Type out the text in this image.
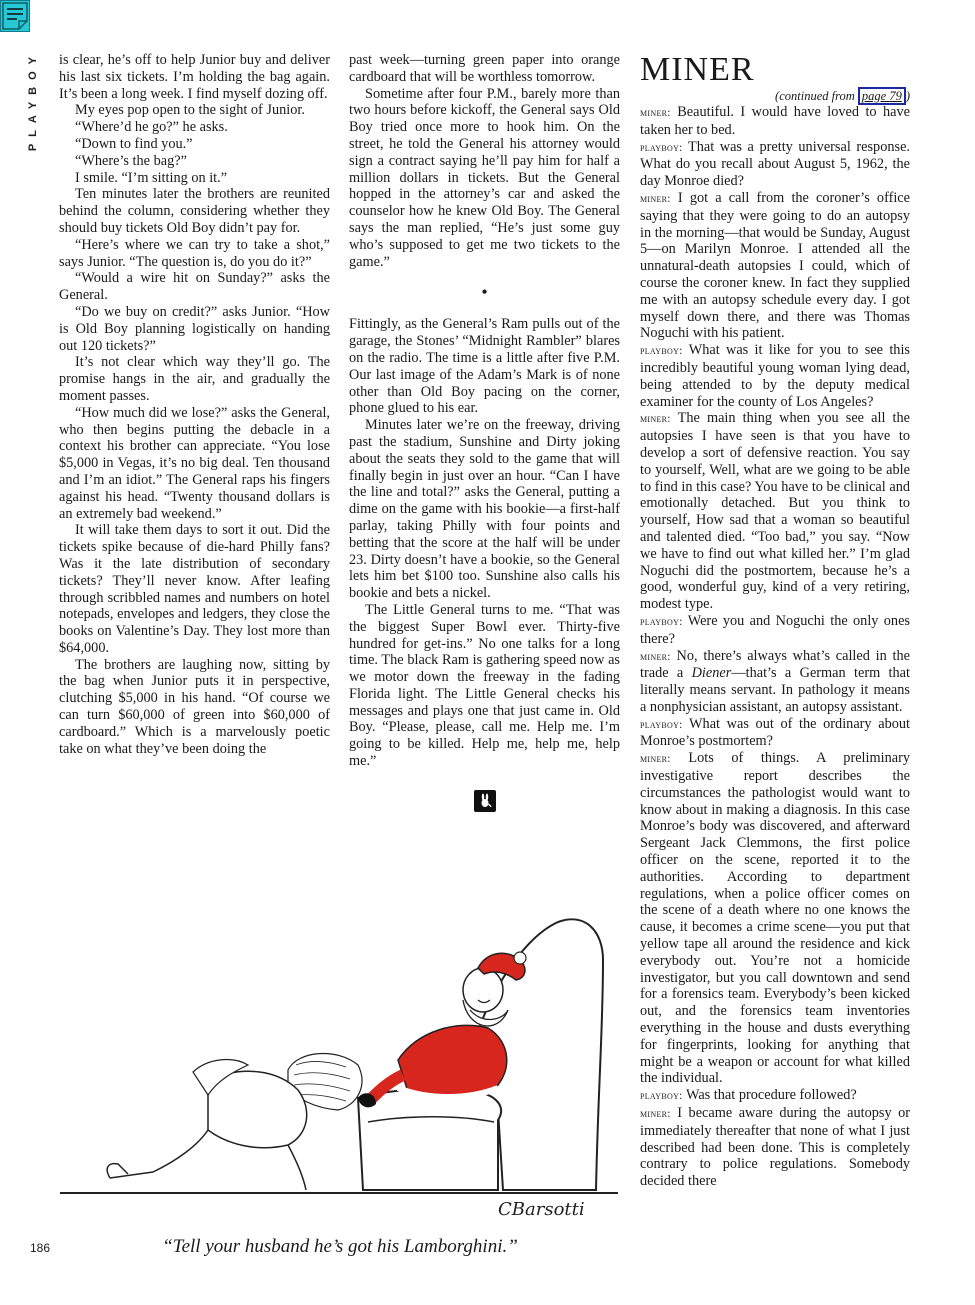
PLAYBOY is clear, he’s off to help Junior buy and deliver his last six tickets. I’m holding the bag again. It’s been a long week. I find myself dozing off.

My eyes pop open to the sight of Junior.

“Where’d he go?” he asks.

“Down to find you.”

“Where’s the bag?”

I smile. “I’m sitting on it.”

Ten minutes later the brothers are reunited behind the column, considering whether they should buy tickets Old Boy didn’t pay for.

“Here’s where we can try to take a shot,” says Junior. “The question is, do you do it?”

“Would a wire hit on Sunday?” asks the General.

“Do we buy on credit?” asks Junior. “How is Old Boy planning logistically on handing out 120 tickets?”

It’s not clear which way they’ll go. The promise hangs in the air, and gradually the moment passes.

“How much did we lose?” asks the General, who then begins putting the debacle in a context his brother can appreciate. “You lose $5,000 in Vegas, it’s no big deal. Ten thousand and I’m an idiot.” The General raps his fingers against his head. “Twenty thousand dollars is an extremely bad weekend.”

It will take them days to sort it out. Did the tickets spike because of die-hard Philly fans? Was it the late distribution of secondary tickets? They’ll never know. After leafing through scribbled names and numbers on hotel notepads, envelopes and ledgers, they close the books on Valentine’s Day. They lost more than $64,000.

The brothers are laughing now, sitting by the bag when Junior puts it in perspective, clutching $5,000 in his hand. “Of course we can turn $60,000 of green into $60,000 of cardboard.” Which is a marvelously poetic take on what they’ve been doing the

past week—turning green paper into orange cardboard that will be worthless tomorrow.

Sometime after four P.M., barely more than two hours before kickoff, the General says Old Boy tried once more to hook him. On the street, he told the General his attorney would sign a contract saying he’ll pay him for half a million dollars in tickets. But the General hopped in the attorney’s car and asked the counselor how he knew Old Boy. The General says the man replied, “He’s just some guy who’s supposed to get me two tickets to the game.”

•

Fittingly, as the General’s Ram pulls out of the garage, the Stones’ “Midnight Rambler” blares on the radio. The time is a little after five P.M. Our last image of the Adam’s Mark is of none other than Old Boy pacing on the corner, phone glued to his ear.

Minutes later we’re on the freeway, driving past the stadium, Sunshine and Dirty joking about the seats they sold to the game that will finally begin in just over an hour. “Can I have the line and total?” asks the General, putting a dime on the game with his bookie—a first-half parlay, taking Philly with four points and betting that the score at the half will be under 23. Dirty doesn’t have a bookie, so the General lets him bet $100 too. Sunshine also calls his bookie and bets a nickel.

The Little General turns to me. “That was the biggest Super Bowl ever. Thirty-five hundred for get-ins.” No one talks for a long time. The black Ram is gathering speed now as we motor down the freeway in the fading Florida light. The Little General checks his messages and plays one that just came in. Old Boy. “Please, please, call me. Help me. I’m going to be killed. Help me, help me, help me.”

MINER

(continued from page 79 )

miner: Beautiful. I would have loved to have taken her to bed.

playboy: That was a pretty universal response. What do you recall about August 5, 1962, the day Monroe died?

miner: I got a call from the coroner’s office saying that they were going to do an autopsy in the morning—that would be Sunday, August 5—on Marilyn Monroe. I attended all the unnatural-death autopsies I could, which of course the coroner knew. In fact they supplied me with an autopsy schedule every day. I got myself down there, and there was Thomas Noguchi with his patient.

playboy: What was it like for you to see this incredibly beautiful young woman lying dead, being attended to by the deputy medical examiner for the county of Los Angeles?

miner: The main thing when you see all the autopsies I have seen is that you have to develop a sort of defensive reaction. You say to yourself, Well, what are we going to be able to find in this case? You have to be clinical and emotionally detached. But you think to yourself, How sad that a woman so beautiful and talented died. “Too bad,” you say. “Now we have to find out what killed her.” I’m glad Noguchi did the postmortem, because he’s a good, wonderful guy, kind of a very retiring, modest type.

playboy: Were you and Noguchi the only ones there?

miner: No, there’s always what’s called in the trade a Diener—that’s a German term that literally means servant. In pathology it means a nonphysician assistant, an autopsy assistant.

playboy: What was out of the ordinary about Monroe’s postmortem?

miner: Lots of things. A preliminary investigative report describes the circumstances the pathologist would want to know about in making a diagnosis. In this case Monroe’s body was discovered, and afterward Sergeant Jack Clemmons, the first police officer on the scene, reported it to the authorities. According to department regulations, when a police officer comes on the scene of a death where no one knows the cause, it becomes a crime scene—you put that yellow tape all around the residence and kick everybody out. You’re not a homicide investigator, but you call downtown and send for a forensics team. Everybody’s been kicked out, and the forensics team inventories everything in the house and dusts everything for fingerprints, looking for anything that might be a weapon or account for what killed the individual.

playboy: Was that procedure followed?

miner: I became aware during the autopsy or immediately thereafter that none of what I just described had been done. This is completely contrary to police regulations. Somebody decided there

CBarsotti
“Tell your husband he’s got his Lamborghini.”
186
